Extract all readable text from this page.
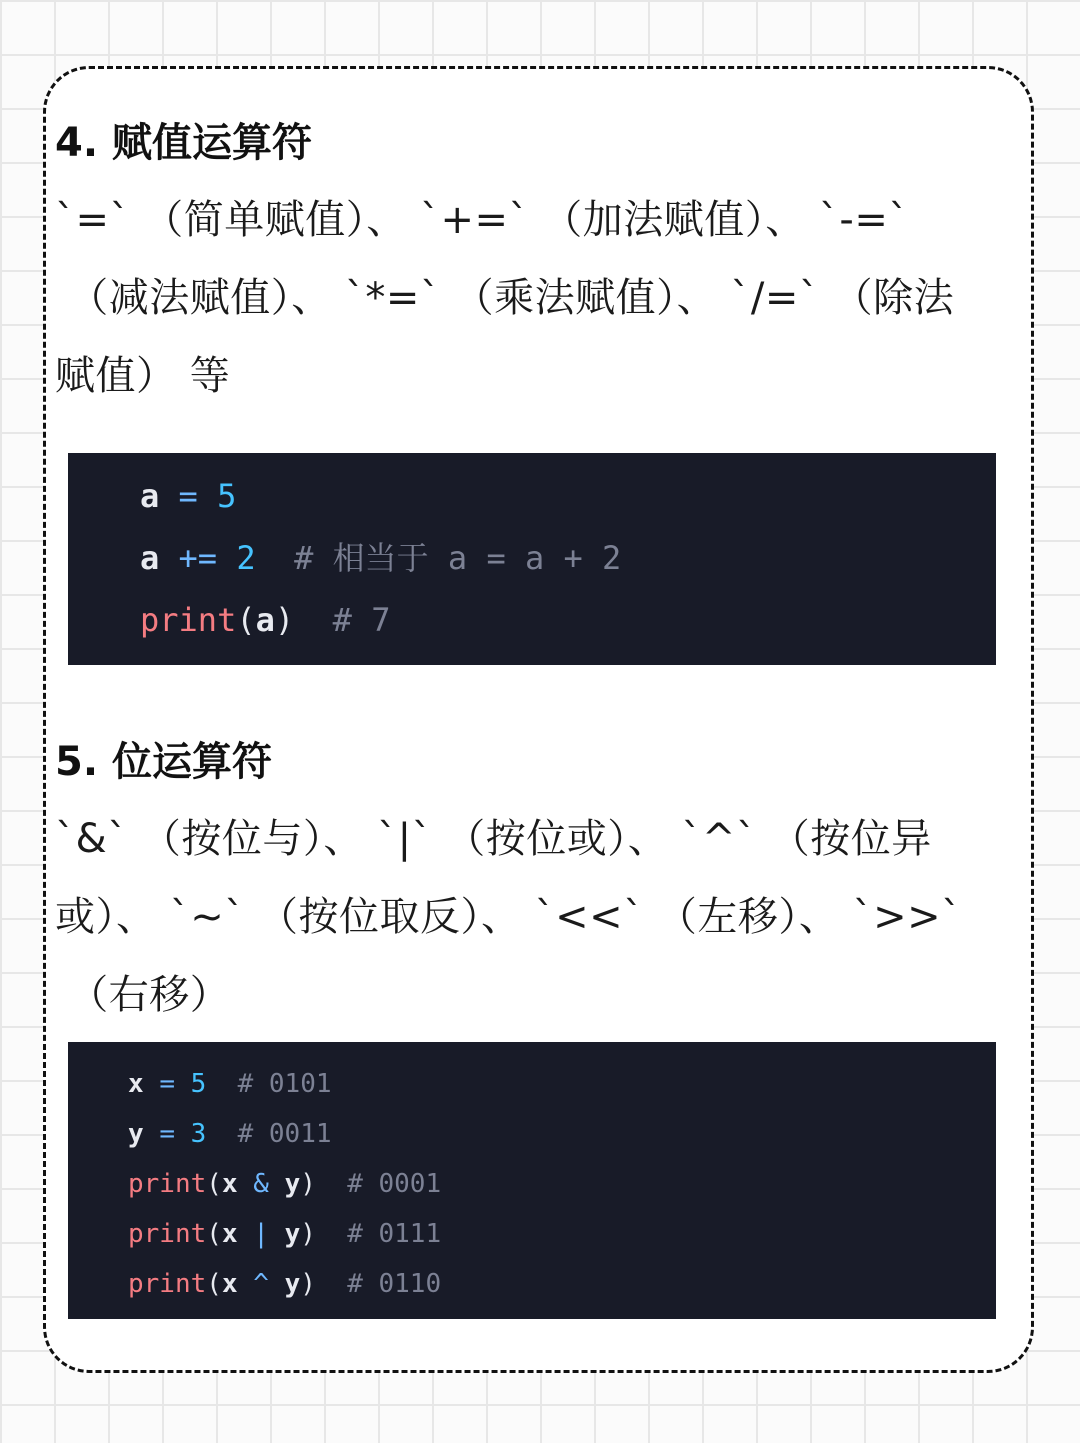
4. 赋值运算符

`=` （简单赋值）、 `+=` （加法赋值）、 `-=`
（减法赋值）、 `*=` （乘法赋值）、 `/=` （除法
赋值） 等

a = 5
a += 2 # 相当于 a = a + 2
print(a) # 7
5. 位运算符

`&` （按位与）、 `|` （按位或）、 `^` （按位异
或）、 `~` （按位取反）、 `<<` （左移）、 `>>`
（右移）

x = 5 # 0101
y = 3 # 0011
print(x & y) # 0001
print(x | y) # 0111
print(x ^ y) # 0110
